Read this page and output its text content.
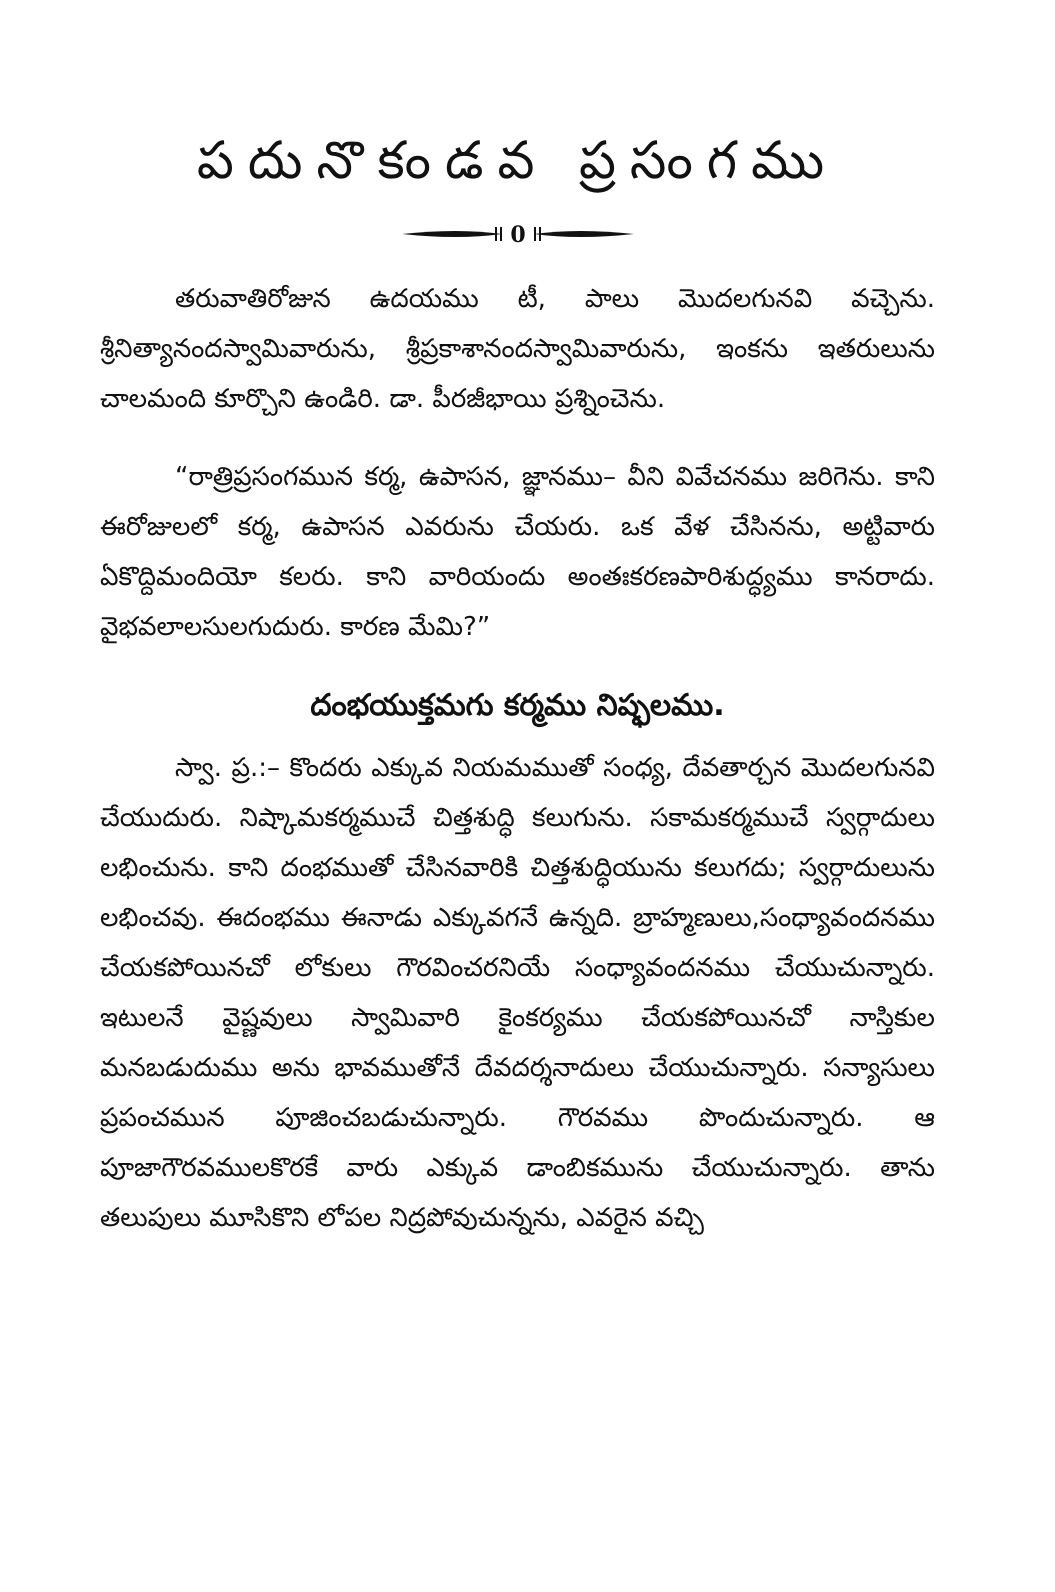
పదునొకండవ ప్రసంగము
0

తరువాతిరోజున ఉదయము టీ, పాలు మొదలగునవి వచ్చెను. శ్రీనిత్యానందస్వామివారును, శ్రీప్రకాశానందస్వామివారును, ఇంకను ఇతరులును చాలమంది కూర్చొని ఉండిరి. డా. పీరజీభాయి ప్రశ్నించెను.

“రాత్రిప్రసంగమున కర్మ, ఉపాసన, జ్ఞానము– వీని వివేచనము జరిగెను. కాని ఈరోజులలో కర్మ, ఉపాసన ఎవరును చేయరు. ఒక వేళ చేసినను, అట్టివారు ఏకొద్దిమందియో కలరు. కాని వారియందు అంతఃకరణపారిశుద్ధ్యము కానరాదు. వైభవలాలసులగుదురు. కారణ మేమి?”

దంభయుక్తమగు కర్మము నిష్ఫలము.

స్వా. ప్ర.:– కొందరు ఎక్కువ నియమముతో సంధ్య, దేవతార్చన మొదలగునవి చేయుదురు. నిష్కామకర్మముచే చిత్తశుద్ధి కలుగును. సకామకర్మముచే స్వర్గాదులు లభించును. కాని దంభముతో చేసినవారికి చిత్తశుద్ధియును కలుగదు; స్వర్గాదులును లభించవు. ఈదంభము ఈనాడు ఎక్కువగనే ఉన్నది. బ్రాహ్మణులు,సంధ్యావందనము చేయకపోయినచో లోకులు గౌరవించరనియే సంధ్యావందనము చేయుచున్నారు. ఇటులనే వైష్ణవులు స్వామివారి కైంకర్యము చేయకపోయినచో నాస్తికుల మనబడుదుము అను భావముతోనే దేవదర్శనాదులు చేయుచున్నారు. సన్యాసులు ప్రపంచమున పూజించబడుచున్నారు. గౌరవము పొందుచున్నారు. ఆ పూజాగౌరవములకొరకే వారు ఎక్కువ డాంబికమును చేయుచున్నారు. తాను తలుపులు మూసికొని లోపల నిద్రపోవుచున్నను, ఎవరైన వచ్చి
